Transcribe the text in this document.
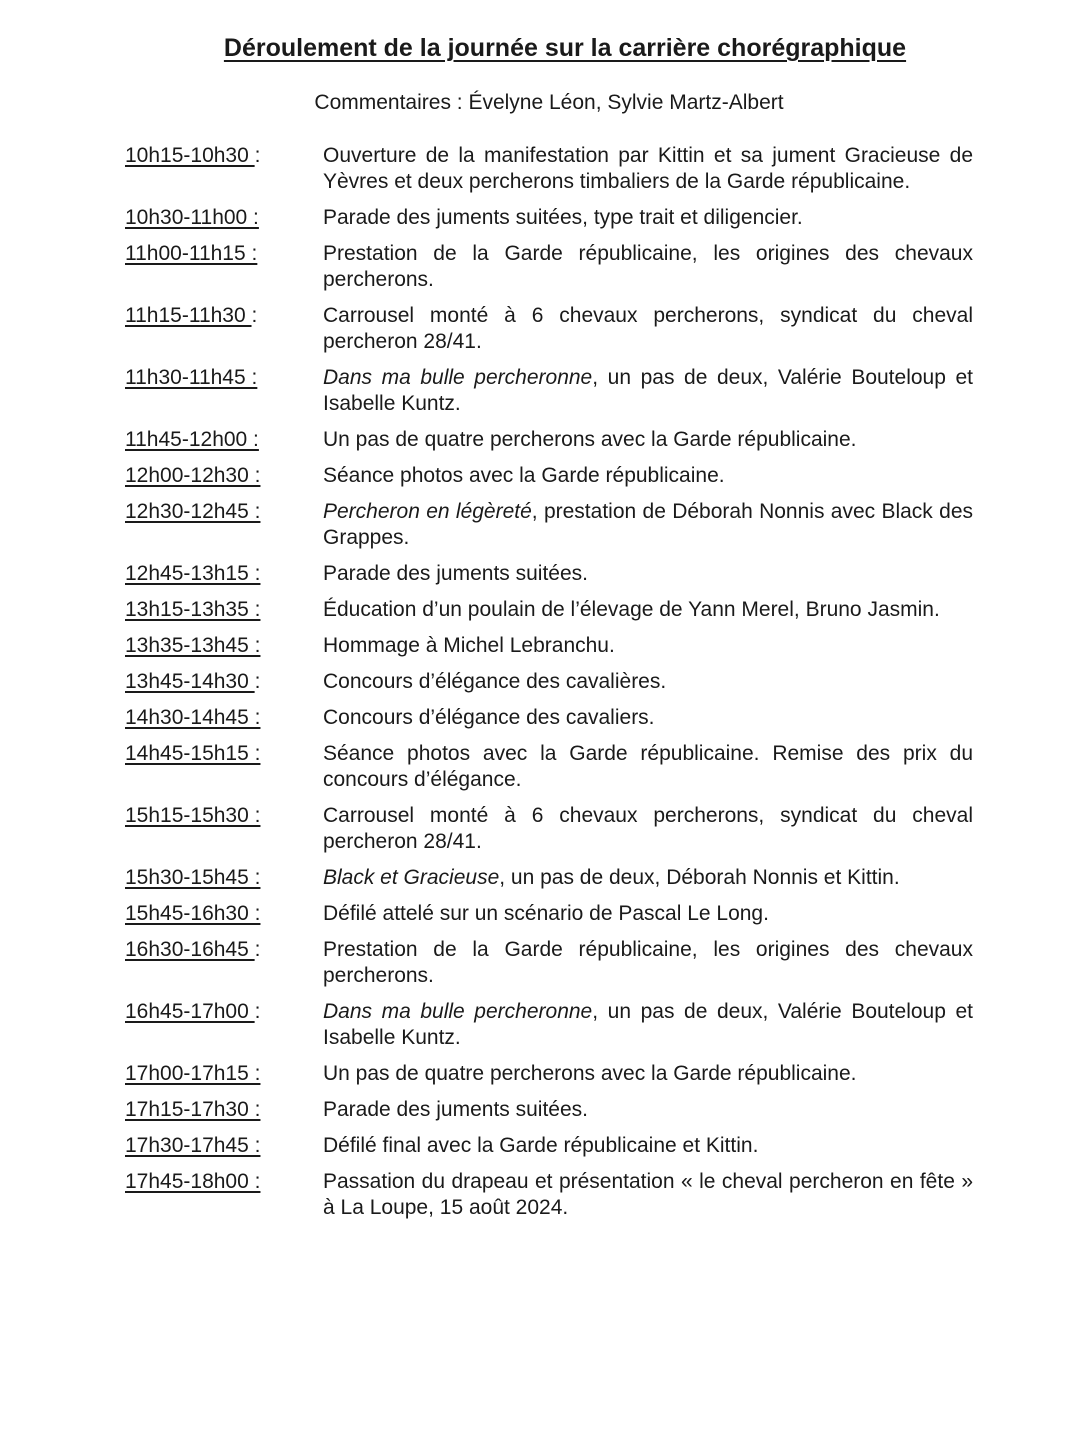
Déroulement de la journée sur la carrière chorégraphique
Commentaires : Évelyne Léon, Sylvie Martz-Albert
10h15-10h30 :	Ouverture de la manifestation par Kittin et sa jument Gracieuse de Yèvres et deux percherons timbaliers de la Garde républicaine.
10h30-11h00 :	Parade des juments suitées, type trait et diligencier.
11h00-11h15 :	Prestation de la Garde républicaine, les origines des chevaux percherons.
11h15-11h30 :	Carrousel monté à 6 chevaux percherons, syndicat du cheval percheron 28/41.
11h30-11h45 :	Dans ma bulle percheronne, un pas de deux, Valérie Bouteloup et Isabelle Kuntz.
11h45-12h00 :	Un pas de quatre percherons avec la Garde républicaine.
12h00-12h30 :	Séance photos avec la Garde républicaine.
12h30-12h45 :	Percheron en légèreté, prestation de Déborah Nonnis avec Black des Grappes.
12h45-13h15 :	Parade des juments suitées.
13h15-13h35 :	Éducation d’un poulain de l’élevage de Yann Merel, Bruno Jasmin.
13h35-13h45 :	Hommage à Michel Lebranchu.
13h45-14h30 :	Concours d’élégance des cavalières.
14h30-14h45 :	Concours d’élégance des cavaliers.
14h45-15h15 :	Séance photos avec la Garde républicaine. Remise des prix du concours d’élégance.
15h15-15h30 :	Carrousel monté à 6 chevaux percherons, syndicat du cheval percheron 28/41.
15h30-15h45 :	Black et Gracieuse, un pas de deux, Déborah Nonnis et Kittin.
15h45-16h30 :	Défilé attelé sur un scénario de Pascal Le Long.
16h30-16h45 :	Prestation de la Garde républicaine, les origines des chevaux percherons.
16h45-17h00 :	Dans ma bulle percheronne, un pas de deux, Valérie Bouteloup et Isabelle Kuntz.
17h00-17h15 :	Un pas de quatre percherons avec la Garde républicaine.
17h15-17h30 :	Parade des juments suitées.
17h30-17h45 :	Défilé final avec la Garde républicaine et Kittin.
17h45-18h00 :	Passation du drapeau et présentation « le cheval percheron en fête » à La Loupe, 15 août 2024.
